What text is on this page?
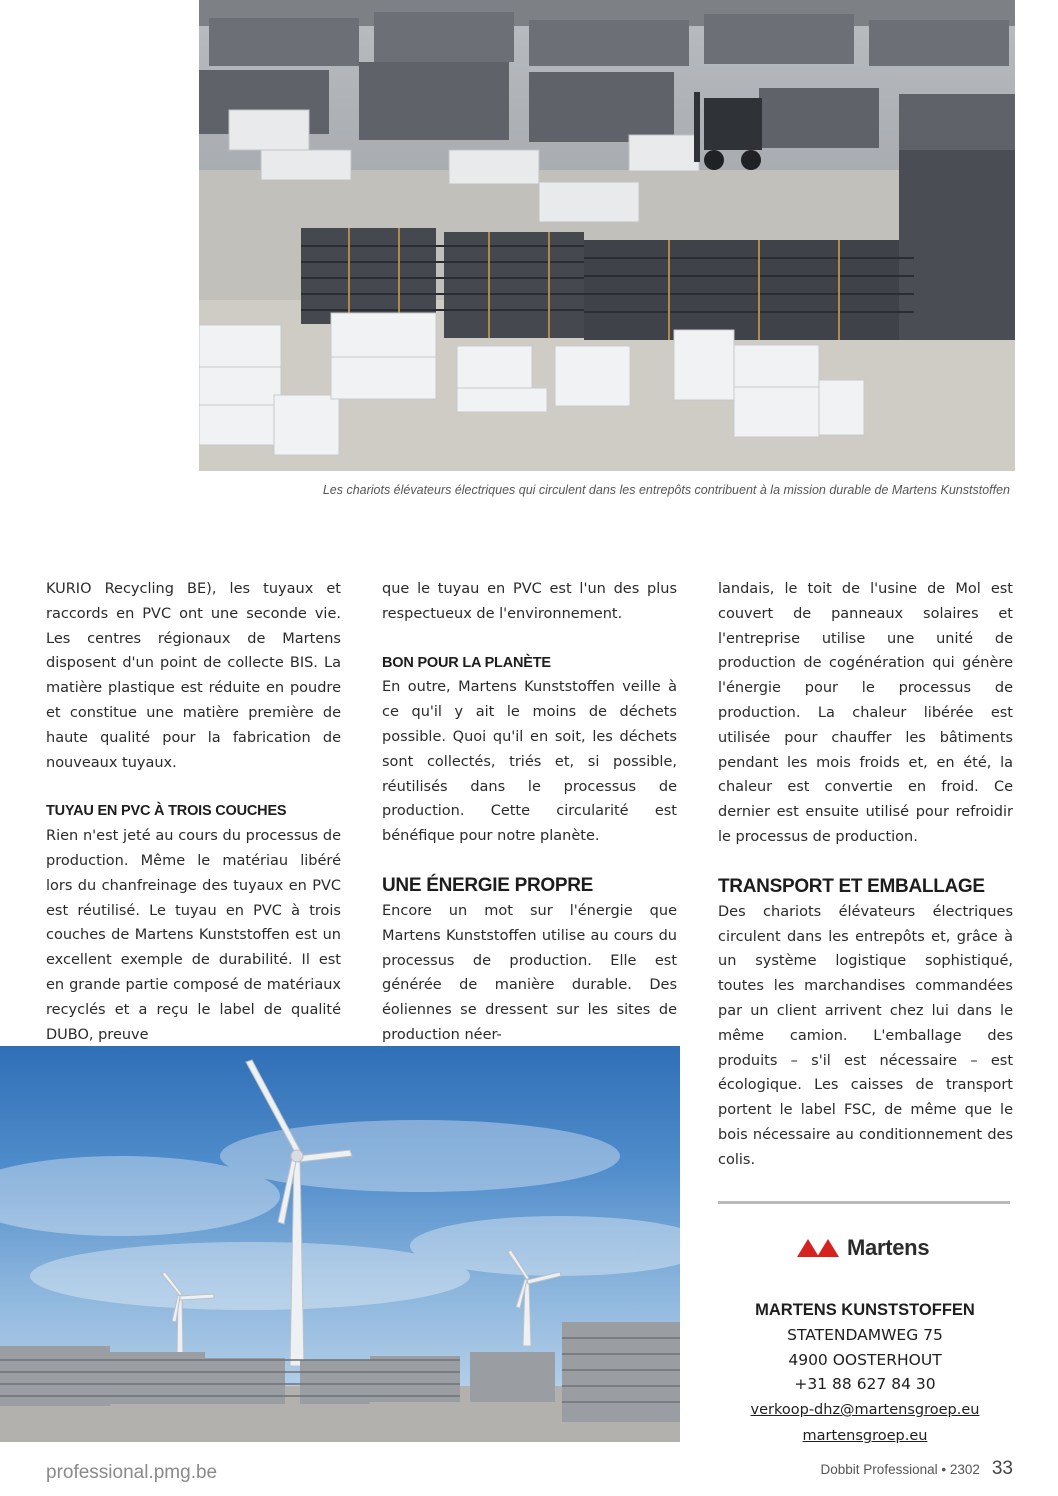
Les chariots élévateurs électriques qui circulent dans les entrepôts contribuent à la mission durable de Martens Kunststoffen

KURIO Recycling BE), les tuyaux et raccords en PVC ont une seconde vie. Les centres régionaux de Martens disposent d'un point de collecte BIS. La matière plastique est réduite en poudre et constitue une matière première de haute qualité pour la fabrication de nouveaux tuyaux.

TUYAU EN PVC À TROIS COUCHES

Rien n'est jeté au cours du processus de production. Même le matériau libéré lors du chanfreinage des tuyaux en PVC est réutilisé. Le tuyau en PVC à trois couches de Martens Kunststoffen est un excellent exemple de durabilité. Il est en grande partie composé de matériaux recyclés et a reçu le label de qualité DUBO, preuve

que le tuyau en PVC est l'un des plus respectueux de l'environnement.

BON POUR LA PLANÈTE

En outre, Martens Kunststoffen veille à ce qu'il y ait le moins de déchets possible. Quoi qu'il en soit, les déchets sont collectés, triés et, si possible, réutilisés dans le processus de production. Cette circularité est bénéfique pour notre planète.

UNE ÉNERGIE PROPRE

Encore un mot sur l'énergie que Martens Kunststoffen utilise au cours du processus de production. Elle est générée de manière durable. Des éoliennes se dressent sur les sites de production néer-

landais, le toit de l'usine de Mol est couvert de panneaux solaires et l'entreprise utilise une unité de production de cogénération qui génère l'énergie pour le processus de production. La chaleur libérée est utilisée pour chauffer les bâtiments pendant les mois froids et, en été, la chaleur est convertie en froid. Ce dernier est ensuite utilisé pour refroidir le processus de production.

TRANSPORT ET EMBALLAGE

Des chariots élévateurs électriques circulent dans les entrepôts et, grâce à un système logistique sophistiqué, toutes les marchandises commandées par un client arrivent chez lui dans le même camion. L'emballage des produits – s'il est nécessaire – est écologique. Les caisses de transport portent le label FSC, de même que le bois nécessaire au conditionnement des colis.

Martens
MARTENS KUNSTSTOFFEN
STATENDAMWEG 75
4900 OOSTERHOUT
+31 88 627 84 30
verkoop-dhz@martensgroep.eu
martensgroep.eu
professional.pmg.be	Dobbit Professional • 2302 33
